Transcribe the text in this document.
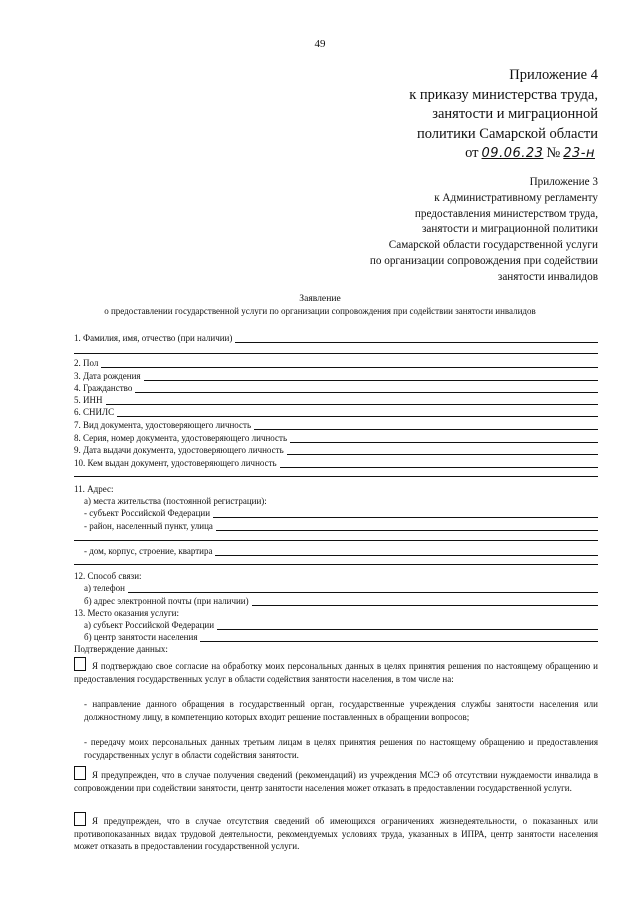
49
Приложение 4
к приказу министерства труда,
занятости и миграционной
политики Самарской области
от 09.06.23 № 23-н
Приложение 3
к Административному регламенту
предоставления министерством труда,
занятости и миграционной политики
Самарской области государственной услуги
по организации сопровождения при содействии
занятости инвалидов
Заявление
о предоставлении государственной услуги по организации сопровождения при содействии занятости инвалидов
1. Фамилия, имя, отчество (при наличии)
2. Пол
3. Дата рождения
4. Гражданство
5. ИНН
6. СНИЛС
7. Вид документа, удостоверяющего личность
8. Серия, номер документа, удостоверяющего личность
9. Дата выдачи документа, удостоверяющего личность
10. Кем выдан документ, удостоверяющего личность
11. Адрес:
а) места жительства (постоянной регистрации):
- субъект Российской Федерации
- район, населенный пункт, улица
- дом, корпус, строение, квартира
12. Способ связи:
а) телефон
б) адрес электронной почты (при наличии)
13. Место оказания услуги:
а) субъект Российской Федерации
б) центр занятости населения
Подтверждение данных:
Я подтверждаю свое согласие на обработку моих персональных данных в целях принятия решения по настоящему обращению и предоставления государственных услуг в области содействия занятости населения, в том числе на:
- направление данного обращения в государственный орган, государственные учреждения службы занятости населения или должностному лицу, в компетенцию которых входит решение поставленных в обращении вопросов;
- передачу моих персональных данных третьим лицам в целях принятия решения по настоящему обращению и предоставления государственных услуг в области содействия занятости.
Я предупрежден, что в случае получения сведений (рекомендаций) из учреждения МСЭ об отсутствии нуждаемости инвалида в сопровождении при содействии занятости, центр занятости населения может отказать в предоставлении государственной услуги.
Я предупрежден, что в случае отсутствия сведений об имеющихся ограничениях жизнедеятельности, о показанных или противопоказанных видах трудовой деятельности, рекомендуемых условиях труда, указанных в ИПРА, центр занятости населения может отказать в предоставлении государственной услуги.
